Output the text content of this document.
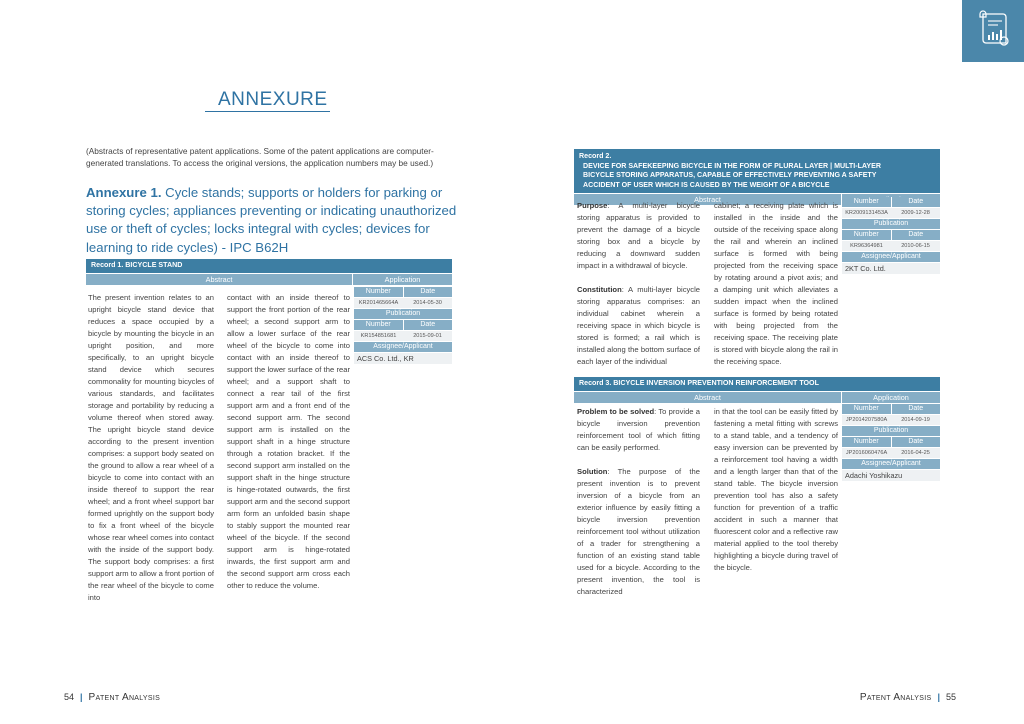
ANNEXURE
(Abstracts of representative patent applications. Some of the patent applications are computer-generated translations. To access the original versions, the application numbers may be used.)
Annexure 1. Cycle stands; supports or holders for parking or storing cycles; appliances preventing or indicating unauthorized use or theft of cycles; locks integral with cycles; devices for learning to ride cycles) - IPC B62H
Record 1. BICYCLE STAND
Abstract	Application
The present invention relates to an upright bicycle stand device that reduces a space occupied by a bicycle by mounting the bicycle in an upright position, and more specifically, to an upright bicycle stand device which secures commonality for mounting bicycles of various standards, and facilitates storage and portability by reducing a volume thereof when stored away. The upright bicycle stand device according to the present invention comprises: a support body seated on the ground to allow a rear wheel of a bicycle to come into contact with an inside thereof to support the rear wheel; and a front wheel support bar formed uprightly on the support body to fix a front wheel of the bicycle whose rear wheel comes into contact with the inside of the support body. The support body comprises: a first support arm to allow a front portion of the rear wheel of the bicycle to come into
contact with an inside thereof to support the front portion of the rear wheel; a second support arm to allow a lower surface of the rear wheel of the bicycle to come into contact with an inside thereof to support the lower surface of the rear wheel; and a support shaft to connect a rear tail of the first support arm and a front end of the second support arm. The second support arm is installed on the support shaft in a hinge structure through a rotation bracket. If the second support arm installed on the support shaft in the hinge structure is hinge-rotated outwards, the first support arm and the second support arm form an unfolded basin shape to stably support the mounted rear wheel of the bicycle. If the second support arm is hinge-rotated inwards, the first support arm and the second support arm cross each other to reduce the volume.
Number	Date
KR201465664A	2014-05-30
Publication
Number	Date
KR154851681	2015-09-01
Assignee/Applicant
ACS Co. Ltd., KR
Record 2. DEVICE FOR SAFEKEEPING BICYCLE IN THE FORM OF PLURAL LAYER | MULTI-LAYER BICYCLE STORING APPARATUS, CAPABLE OF EFFECTIVELY PREVENTING A SAFETY ACCIDENT OF USER WHICH IS CAUSED BY THE WEIGHT OF A BICYCLE
Abstract

Purpose: A multi-layer bicycle storing apparatus is provided to prevent the damage of a bicycle storing box and a bicycle by reducing a downward sudden impact in a withdrawal of bicycle.

Constitution: A multi-layer bicycle storing apparatus comprises: an individual cabinet wherein a receiving space in which bicycle is stored is formed; a rail which is installed along the bottom surface of each layer of the individual

cabinet; a receiving plate which is installed in the inside and the outside of the receiving space along the rail and wherein an inclined surface is formed with being projected from the receiving space by rotating around a pivot axis; and a damping unit which alleviates a sudden impact when the inclined surface is formed by being rotated with being projected from the receiving space. The receiving plate is stored with bicycle along the rail in the receiving space.
Number	Date
KR2009131453A	2009-12-28
Publication
Number	Date
KR96364981	2010-06-15
Assignee/Applicant
2KT Co. Ltd.
Record 3. BICYCLE INVERSION PREVENTION REINFORCEMENT TOOL
Abstract	Application

Problem to be solved: To provide a bicycle inversion prevention reinforcement tool of which fitting can be easily performed.

Solution: The purpose of the present invention is to prevent inversion of a bicycle from an exterior influence by easily fitting a bicycle inversion prevention reinforcement tool without utilization of a trader for strengthening a function of an existing stand table used for a bicycle. According to the present invention, the tool is characterized

in that the tool can be easily fitted by fastening a metal fitting with screws to a stand table, and a tendency of easy inversion can be prevented by a reinforcement tool having a width and a length larger than that of the stand table. The bicycle inversion prevention tool has also a safety function for prevention of a traffic accident in such a manner that fluorescent color and a reflective raw material applied to the tool thereby highlighting a bicycle during travel of the bicycle.
Number	Date
JP2014207580A	2014-09-19
Publication
Number	Date
JP2016060476A	2016-04-25
Assignee/Applicant
Adachi Yoshikazu
54 | Patent Analysis	Patent Analysis | 55
